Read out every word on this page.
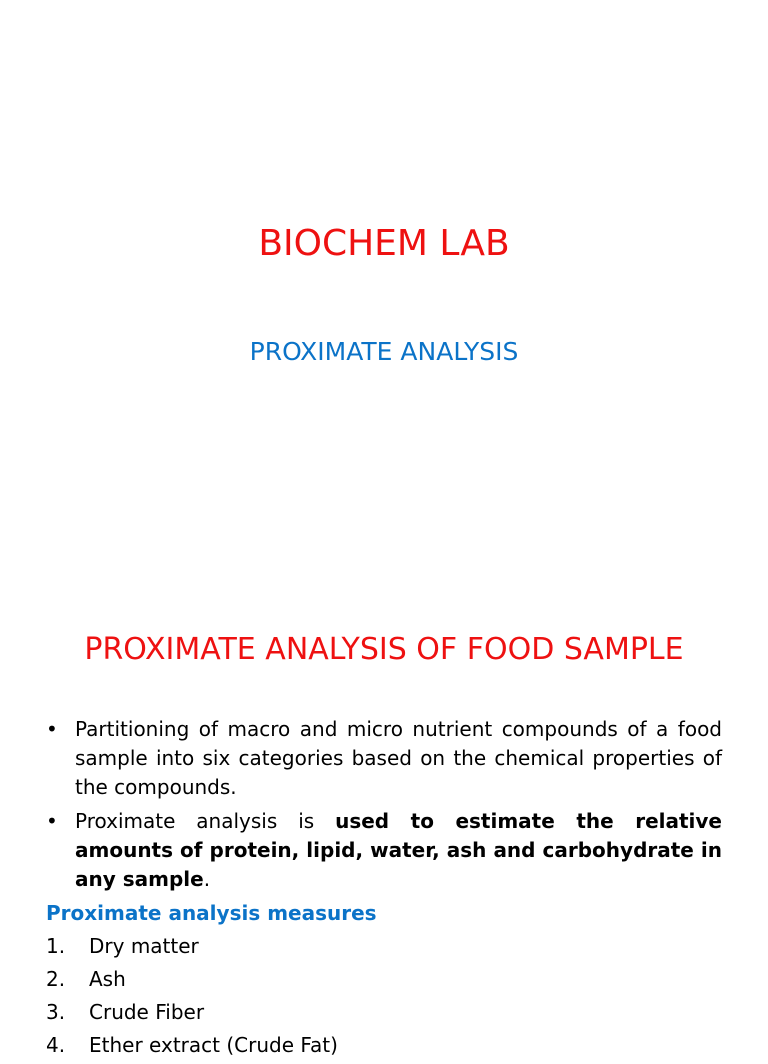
BIOCHEM LAB
PROXIMATE ANALYSIS
PROXIMATE ANALYSIS OF FOOD SAMPLE
• Partitioning of macro and micro nutrient compounds of a food sample into six categories based on the chemical properties of the compounds.
• Proximate analysis is used to estimate the relative amounts of protein, lipid, water, ash and carbohydrate in any sample.
Proximate analysis measures
1. Dry matter
2. Ash
3. Crude Fiber
4. Ether extract (Crude Fat)
